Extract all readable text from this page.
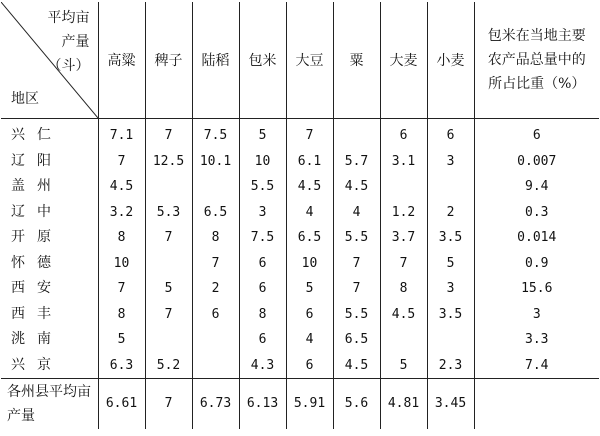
平均亩
产量
（斗）
地区	高粱	稗子	陆稻	包米	大豆	粟	大麦	小麦	包米在当地主要农产品总量中的所占比重（%）
兴仁	7.1	7	7.5	5	7		6	6	6
辽阳	7	12.5	10.1	10	6.1	5.7	3.1	3	0.007
盖州	4.5			5.5	4.5	4.5			9.4
辽中	3.2	5.3	6.5	3	4	4	1.2	2	0.3
开原	8	7	8	7.5	6.5	5.5	3.7	3.5	0.014
怀德	10		7	6	10	7	7	5	0.9
西安	7	5	2	6	5	7	8	3	15.6
西丰	8	7	6	8	6	5.5	4.5	3.5	3
洮南	5			6	4	6.5			3.3
兴京	6.3	5.2		4.3	6	4.5	5	2.3	7.4
各州县平均亩产量	6.61	7	6.73	6.13	5.91	5.6	4.81	3.45	
